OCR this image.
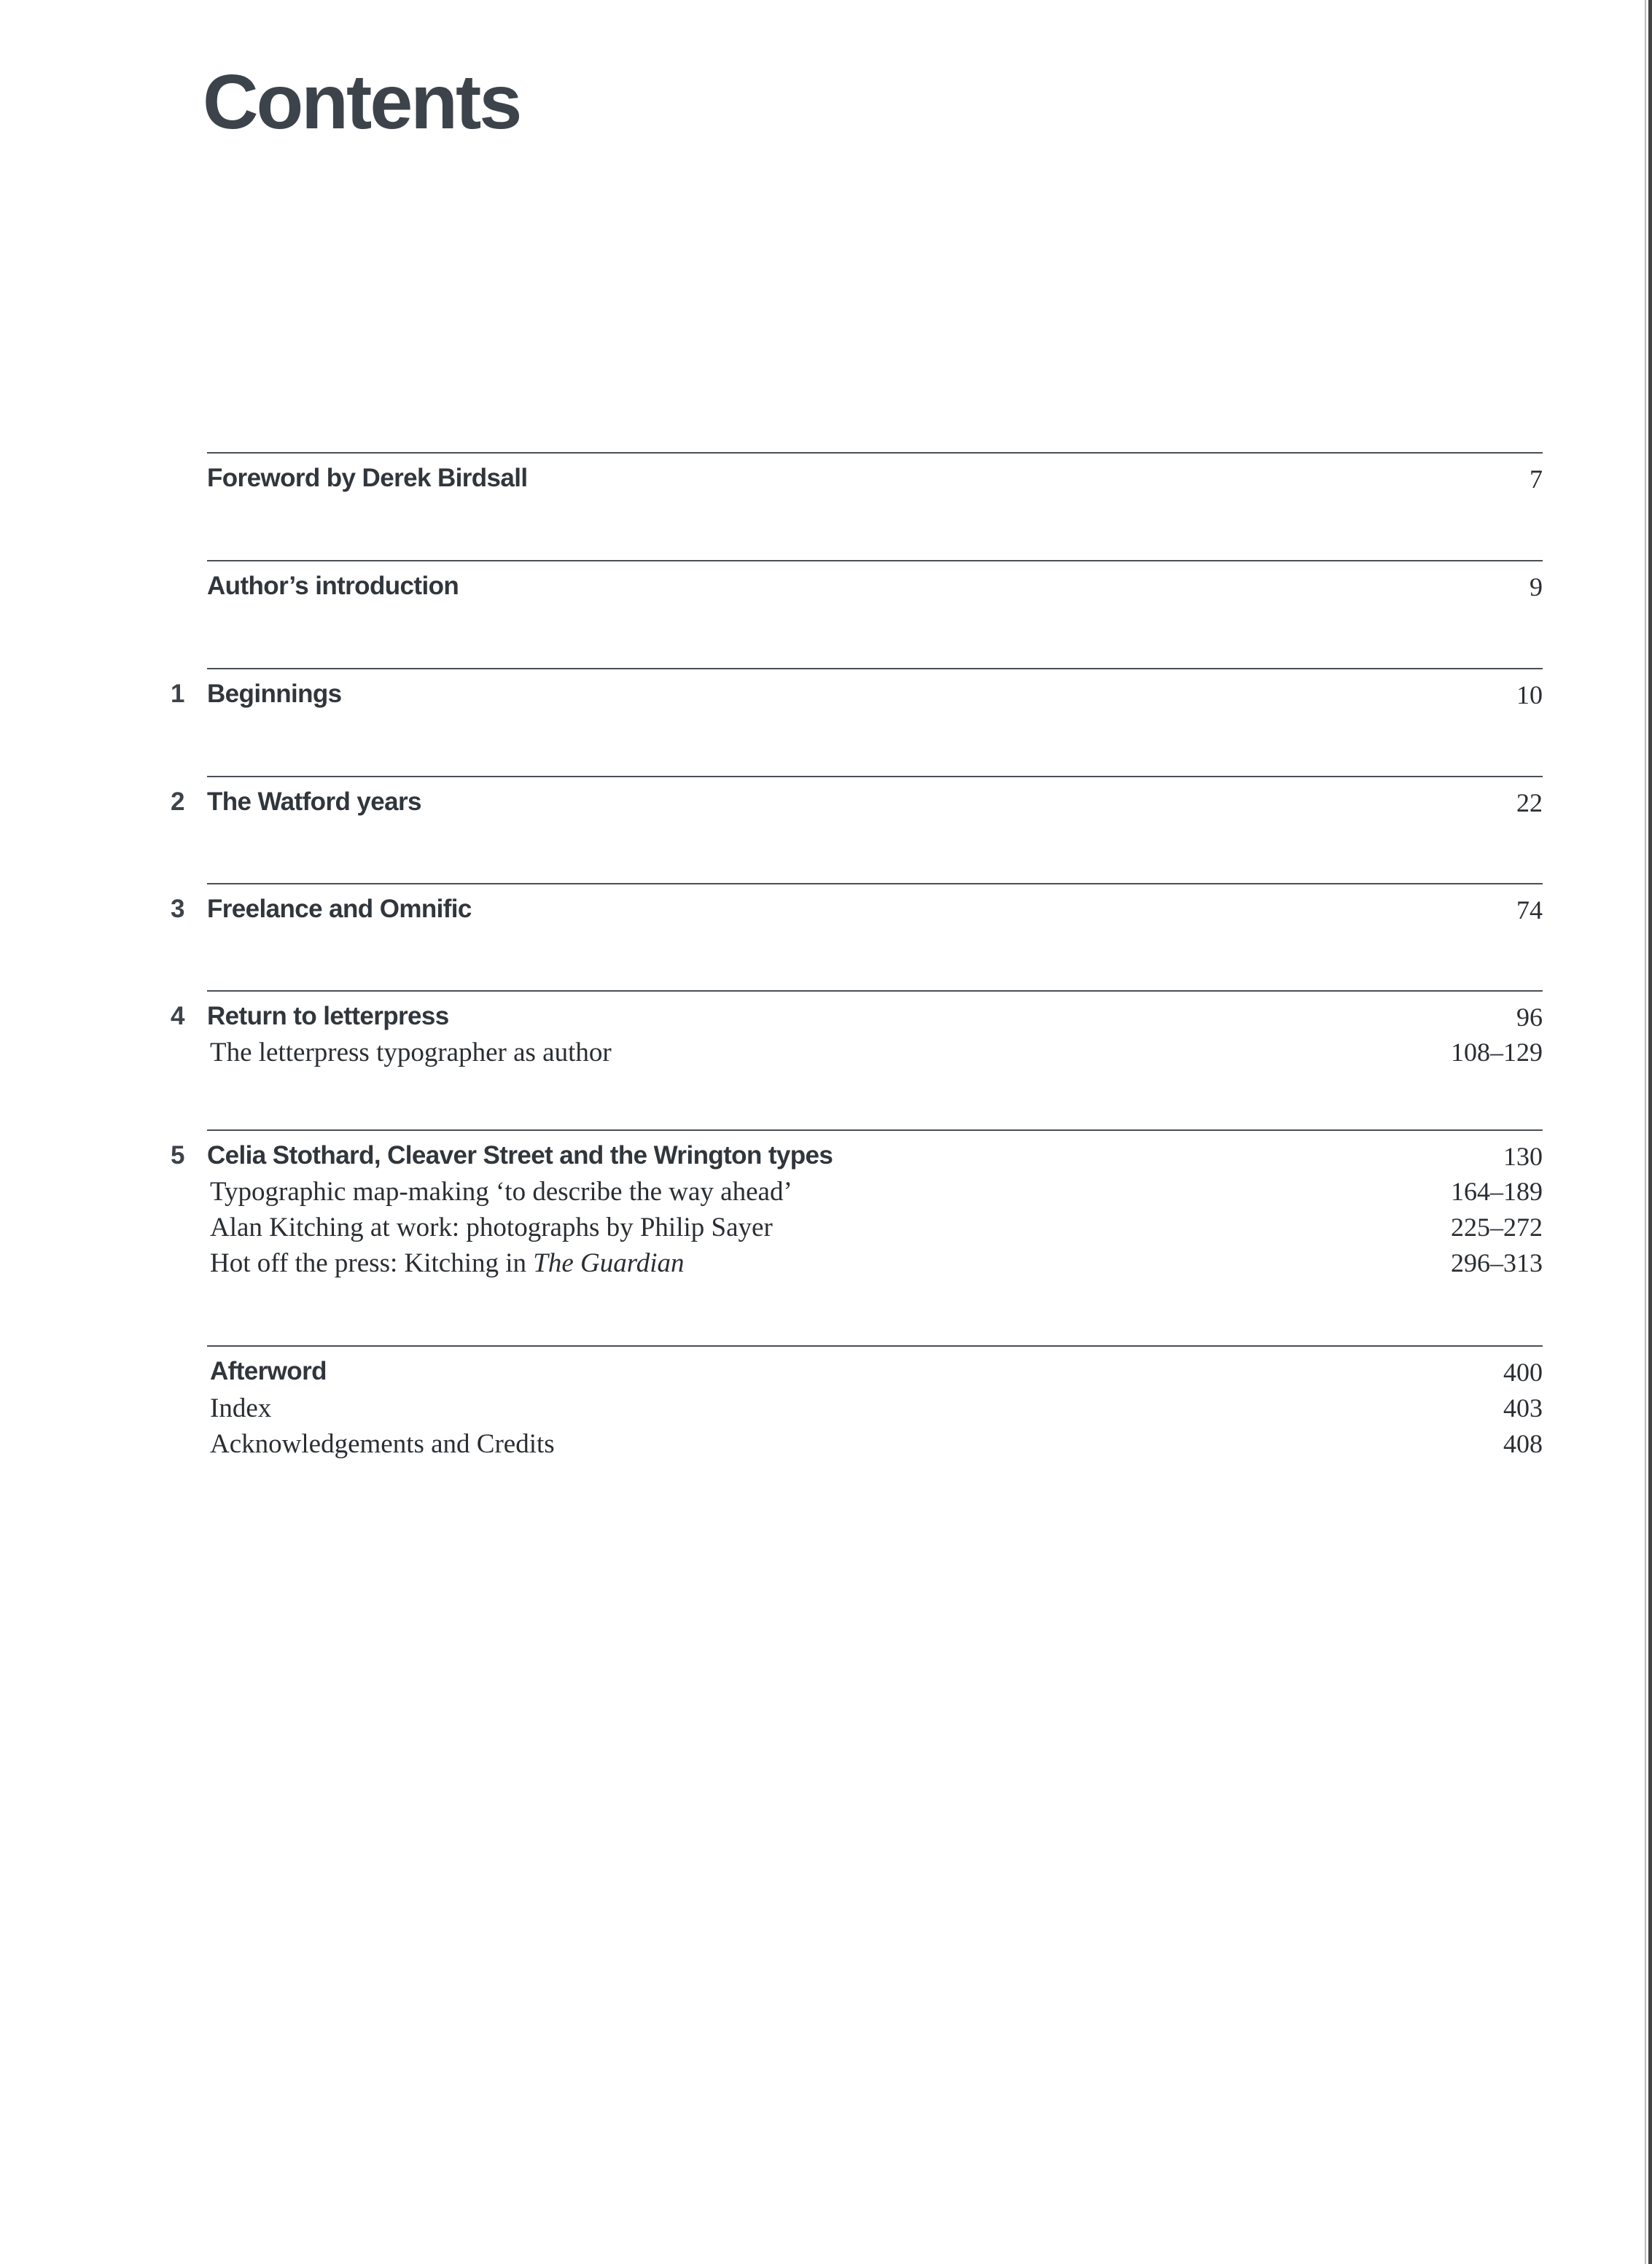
Contents
Foreword by Derek Birdsall	7
Author’s introduction	9
1 Beginnings	10
2 The Watford years	22
3 Freelance and Omnific	74
4 Return to letterpress	96
The letterpress typographer as author	108–129
5 Celia Stothard, Cleaver Street and the Wrington types	130
Typographic map-making ‘to describe the way ahead’	164–189
Alan Kitching at work: photographs by Philip Sayer	225–272
Hot off the press: Kitching in The Guardian	296–313
Afterword	400
Index	403
Acknowledgements and Credits	408
